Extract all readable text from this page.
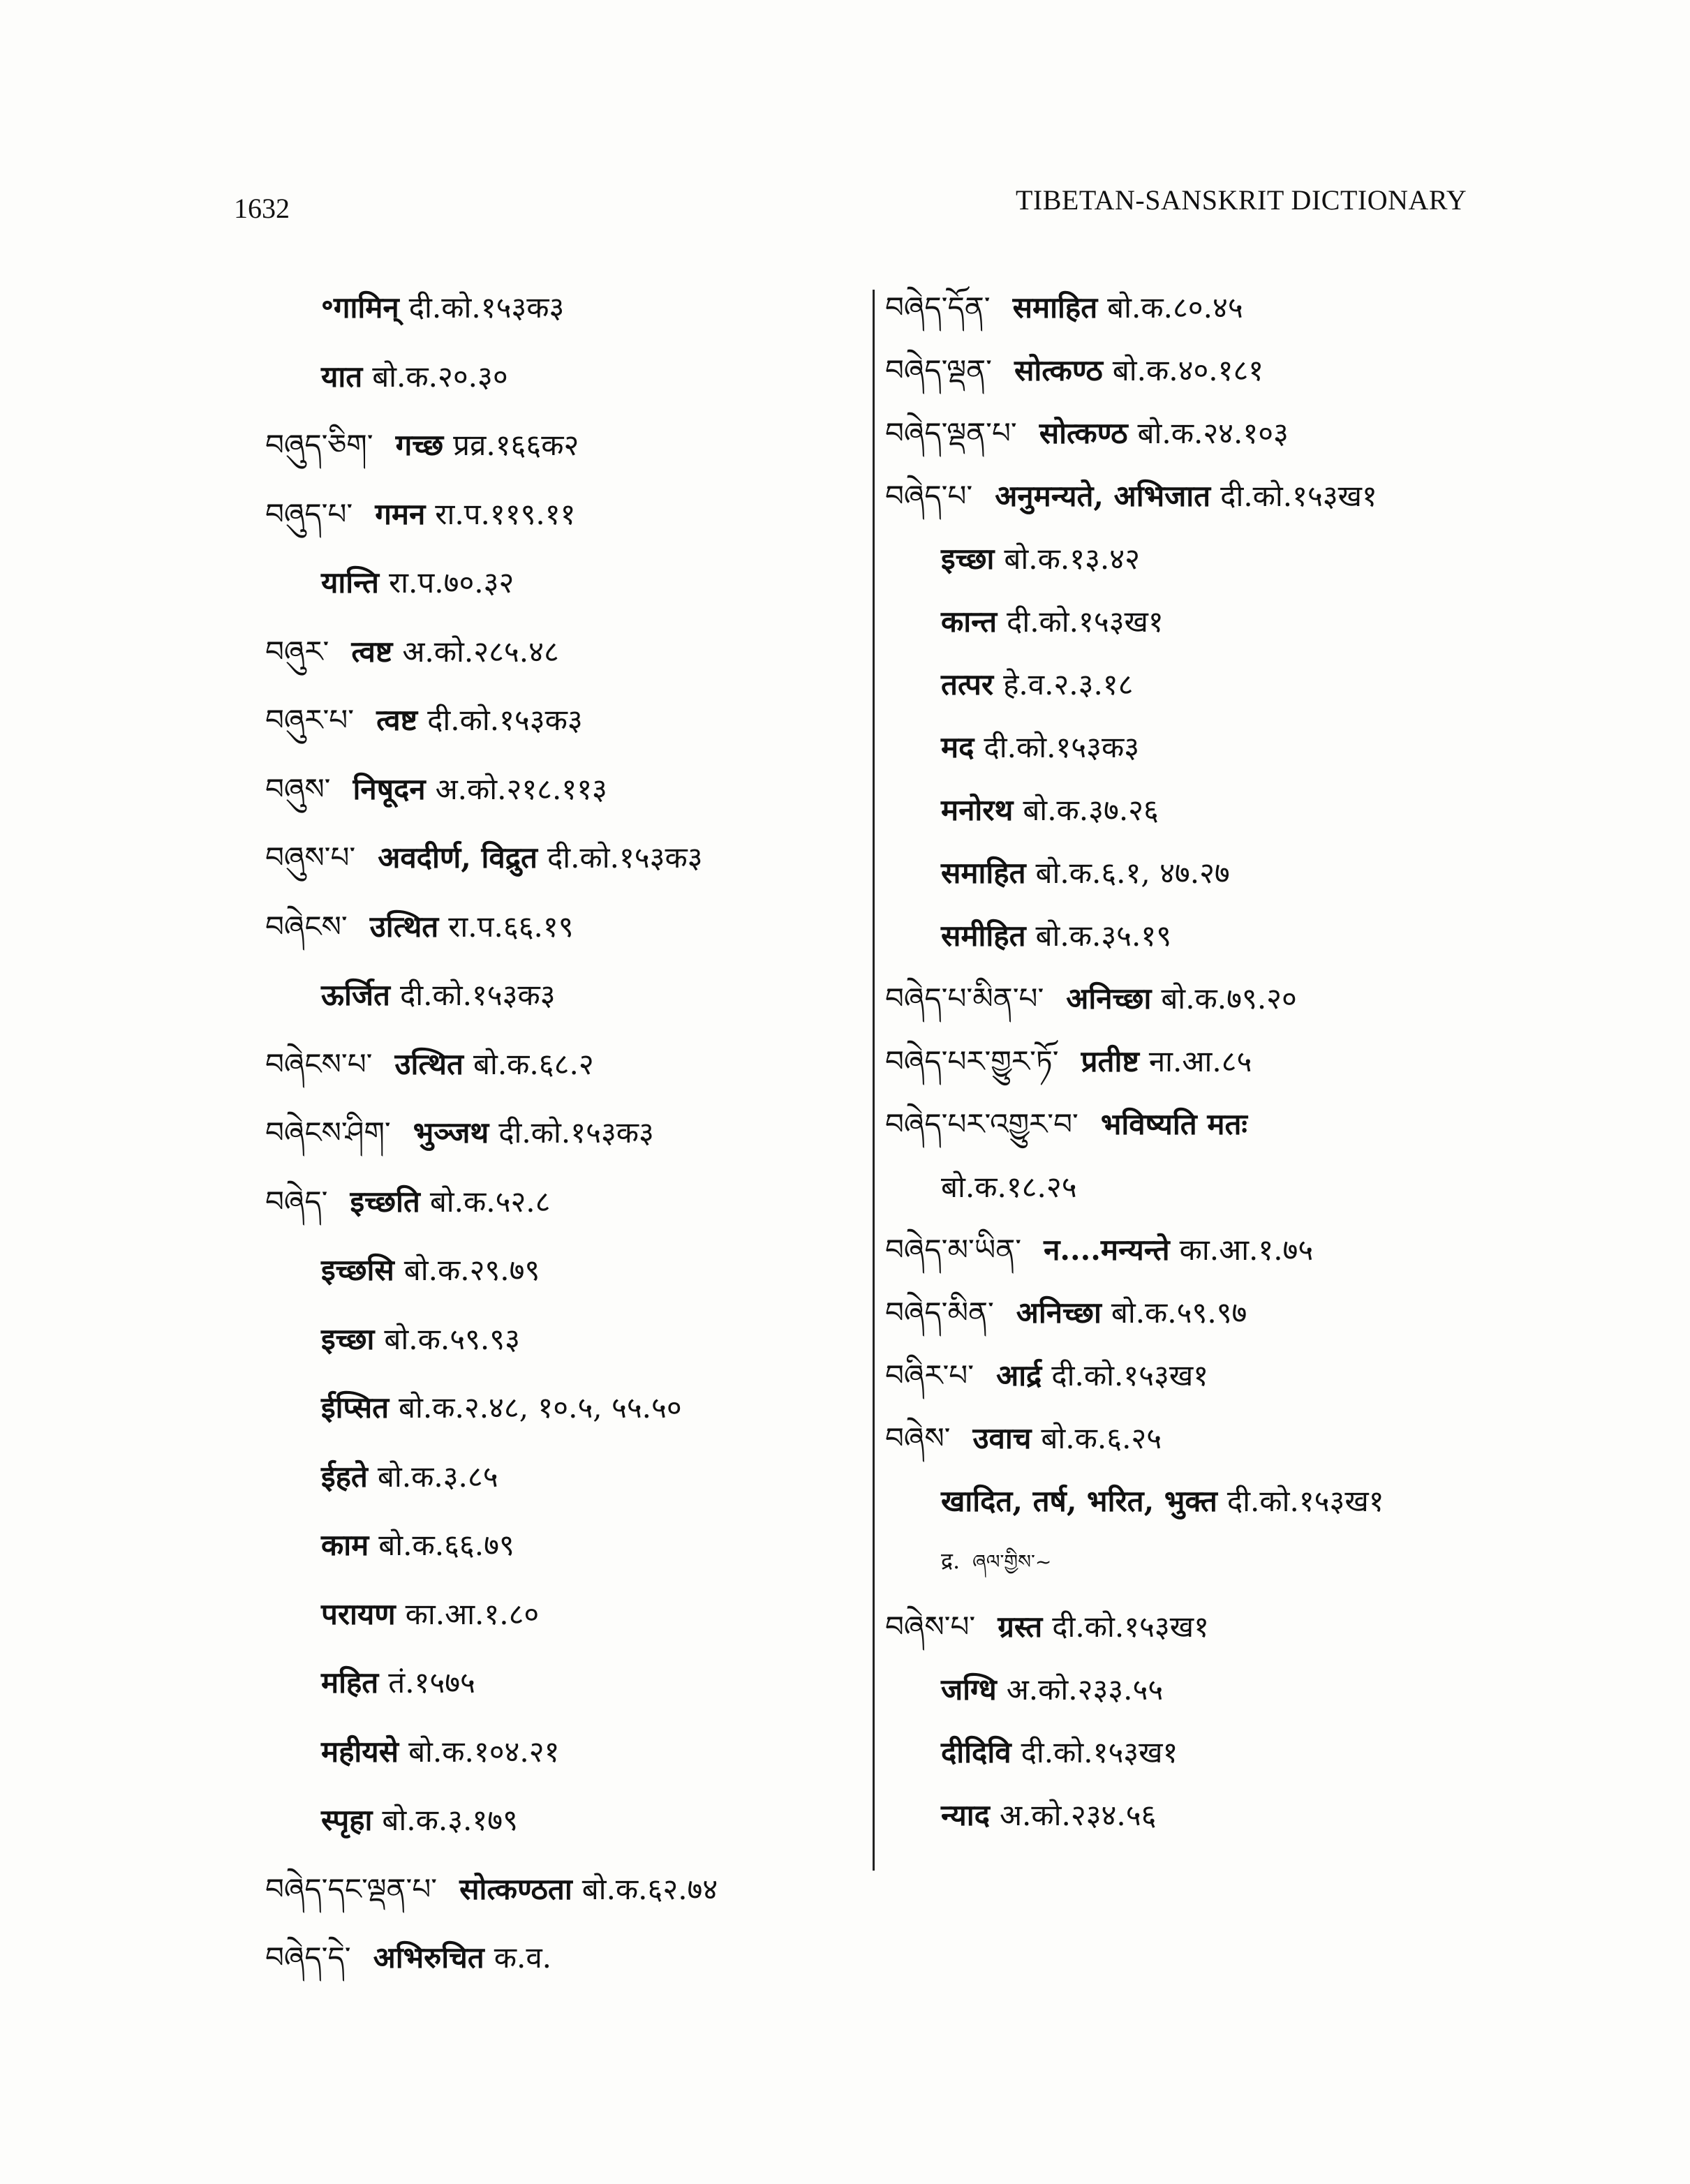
1632	TIBETAN-SANSKRIT DICTIONARY
॰गामिन् दी.को.१५३क३
यात बो.क.२०.३०
བཞུད་ཅིག་ गच्छ प्रव्र.१६६क२
བཞུད་པ་ गमन रा.प.११९.११
यान्ति रा.प.७०.३२
བཞུར་ त्वष्ट अ.को.२८५.४८
བཞུར་པ་ त्वष्ट दी.को.१५३क३
བཞུས་ निषूदन अ.को.२१८.११३
བཞུས་པ་ अवदीर्ण, विद्रुत दी.को.१५३क३
བཞེངས་ उत्थित रा.प.६६.१९
ऊर्जित दी.को.१५३क३
བཞེངས་པ་ उत्थित बो.क.६८.२
བཞེངས་ཤིག་ भुञ्जथ दी.को.१५३क३
བཞེད་ इच्छति बो.क.५२.८
इच्छसि बो.क.२९.७९
इच्छा बो.क.५९.९३
ईप्सित बो.क.२.४८, १०.५, ५५.५०
ईहते बो.क.३.८५
काम बो.क.६६.७९
परायण का.आ.१.८०
महित तं.१५७५
महीयसे बो.क.१०४.२१
स्पृहा बो.क.३.१७९
བཞེད་དང་ལྡན་པ་ सोत्कण्ठता बो.क.६२.७४
བཞེད་དེ་ अभिरुचित क.व.
བཞེད་དོན་ समाहित बो.क.८०.४५
བཞེད་ལྡན་ सोत्कण्ठ बो.क.४०.१८१
བཞེད་ལྡན་པ་ सोत्कण्ठ बो.क.२४.१०३
བཞེད་པ་ अनुमन्यते, अभिजात दी.को.१५३ख१
इच्छा बो.क.१३.४२
कान्त दी.को.१५३ख१
तत्पर हे.व.२.३.१८
मद दी.को.१५३क३
मनोरथ बो.क.३७.२६
समाहित बो.क.६.१, ४७.२७
समीहित बो.क.३५.१९
བཞེད་པ་མིན་པ་ अनिच्छा बो.क.७९.२०
བཞེད་པར་གྱུར་ཏོ་ प्रतीष्ट ना.आ.८५
བཞེད་པར་འགྱུར་བ་ भविष्यति मतः
बो.क.१८.२५
བཞེད་མ་ཡིན་ न....मन्यन्ते का.आ.१.७५
བཞེད་མིན་ अनिच्छा बो.क.५९.९७
བཞིར་པ་ आर्द्र दी.को.१५३ख१
བཞེས་ उवाच बो.क.६.२५
खादित, तर्ष, भरित, भुक्त दी.को.१५३ख१
द्र. ཞལ་གྱིས་~
བཞེས་པ་ ग्रस्त दी.को.१५३ख१
जग्धि अ.को.२३३.५५
दीदिवि दी.को.१५३ख१
न्याद अ.को.२३४.५६
